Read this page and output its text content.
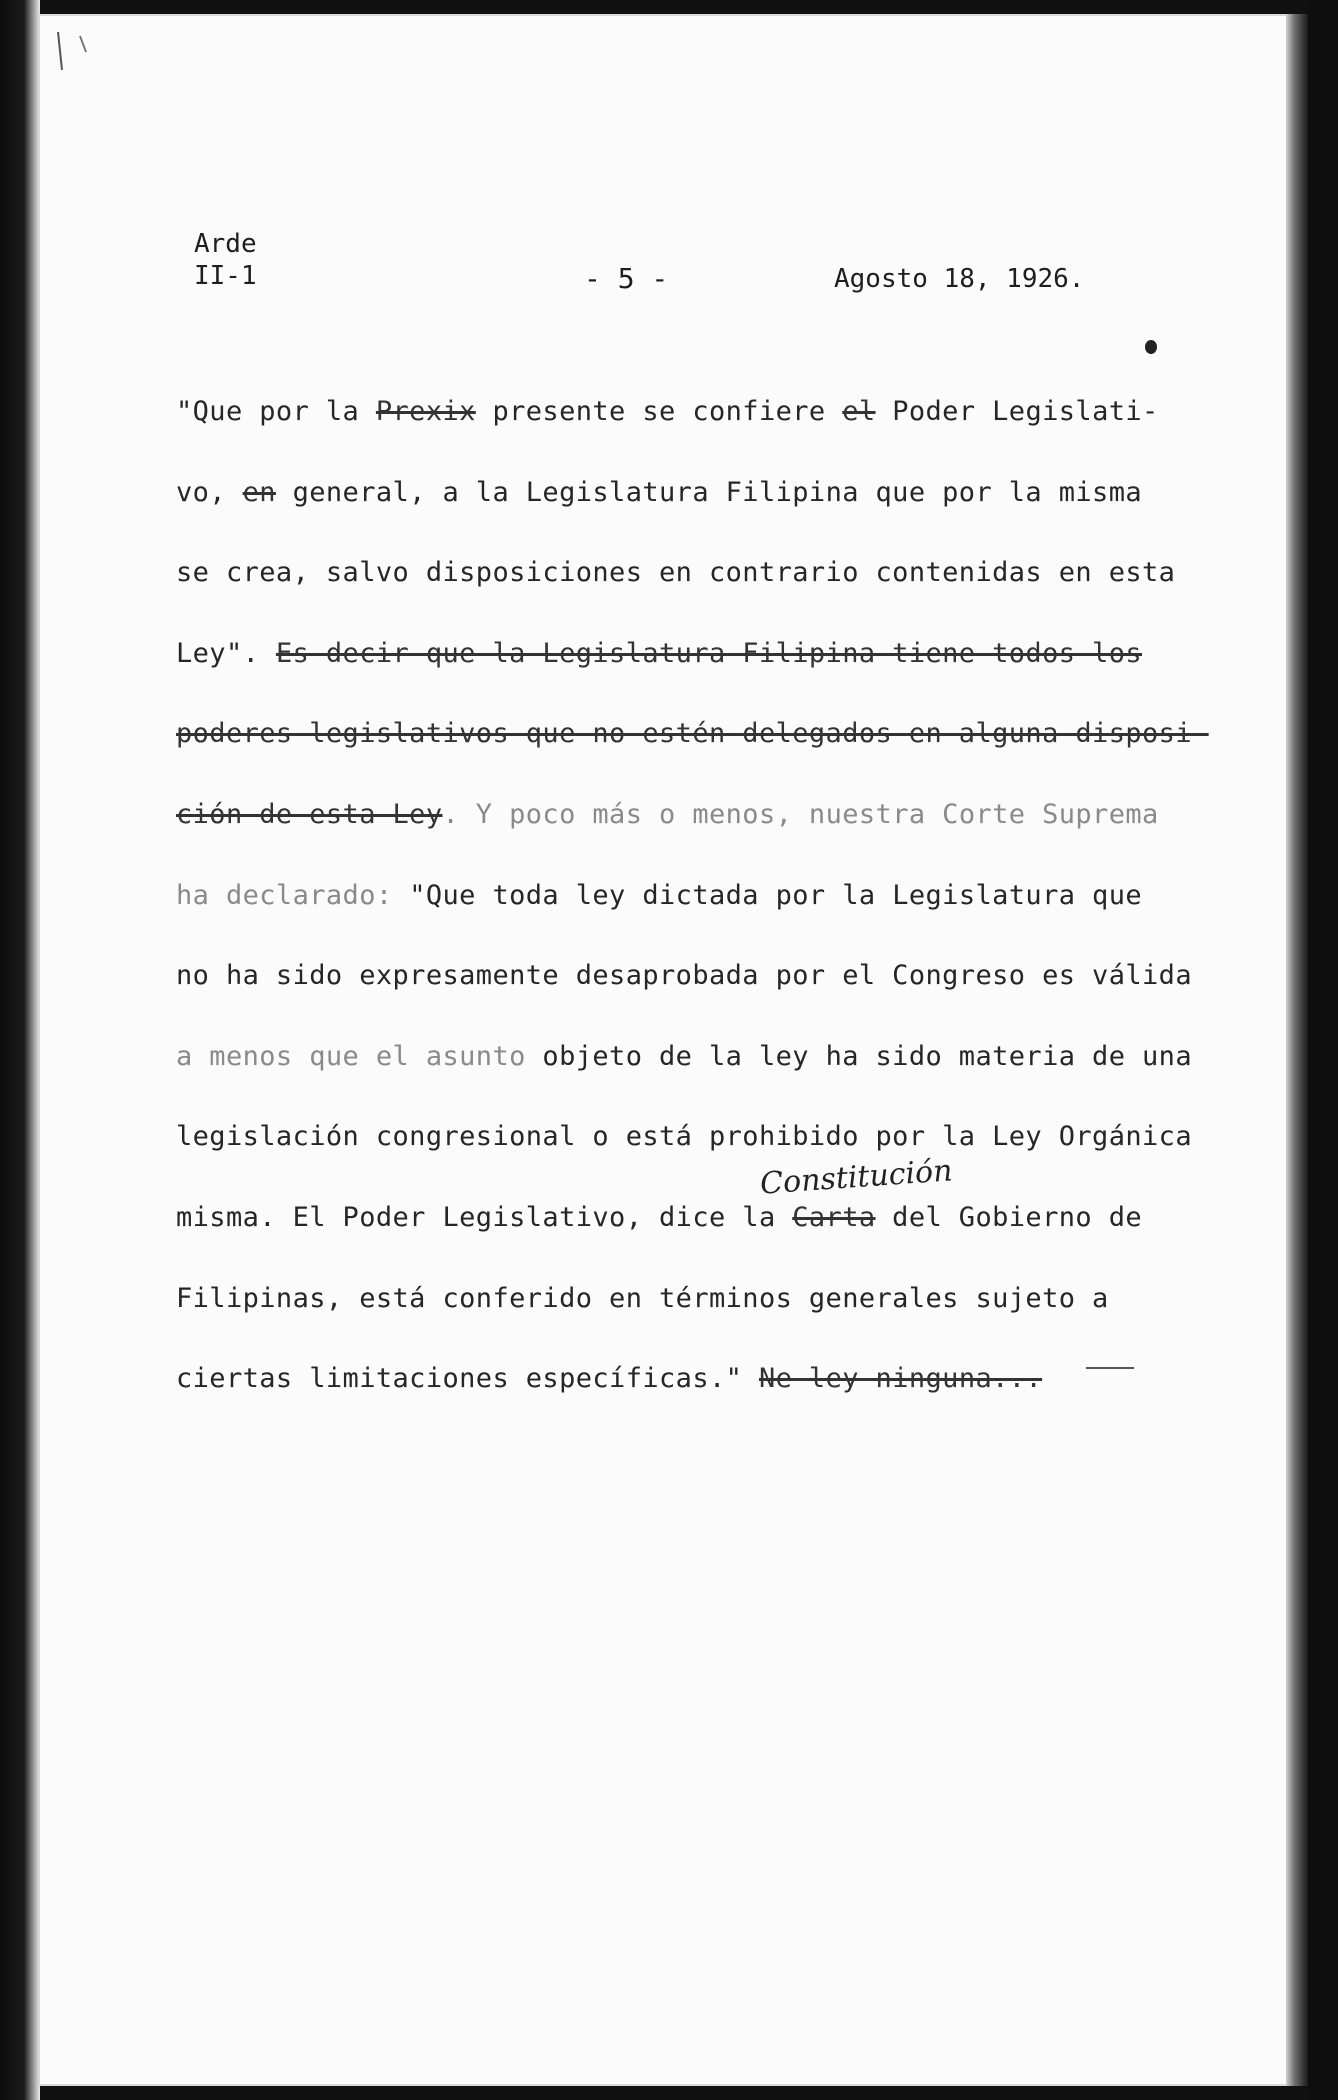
Arde
II-1	- 5 -	Agosto 18, 1926.
"Que por la Prexix presente se confiere el Poder Legislati-
vo, en general, a la Legislatura Filipina que por la misma
se crea, salvo disposiciones en contrario contenidas en esta
Ley". Es decir que la Legislatura Filipina tiene todos los
poderes legislativos que no estén delegados en alguna disposi-
ción de esta Ley. Y poco más o menos, nuestra Corte Suprema
ha declarado: "Que toda ley dictada por la Legislatura que
no ha sido expresamente desaprobada por el Congreso es válida
a menos que el asunto objeto de la ley ha sido materia de una
legislación congresional o está prohibido por la Ley Orgánica
misma. El Poder Legislativo, dice la Carta del Gobierno de
Filipinas, está conferido en términos generales sujeto a
ciertas limitaciones específicas." Ne ley ninguna...
Constitución
